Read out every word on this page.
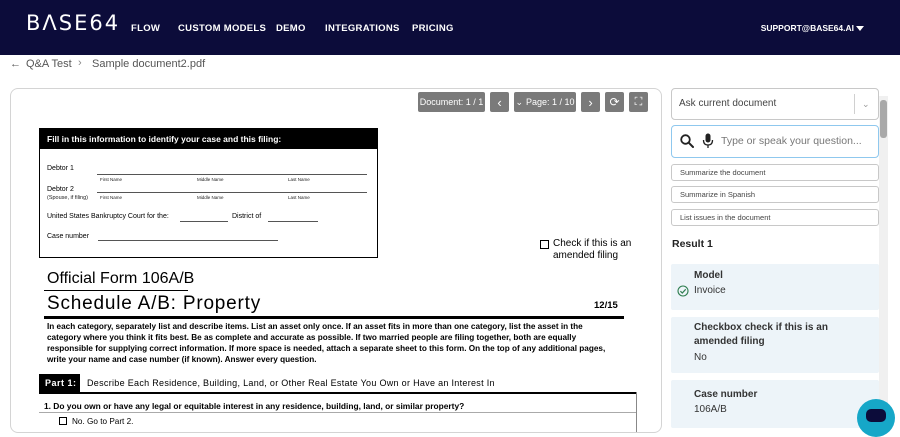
BΛSE64 FLOW CUSTOM MODELS DEMO INTEGRATIONS PRICING	SUPPORT@BASE64.AI
← Q&A Test › Sample document2.pdf
Document: 1 / 1	‹	⌄ Page: 1 / 10	›	⟳	⛶
Fill in this information to identify your case and this filing:
Debtor 1
First Name	Middle Name	Last Name
Debtor 2
(Spouse, if filing)	First Name	Middle Name	Last Name
United States Bankruptcy Court for the:	District of
Case number
Check if this is an
amended filing
Official Form 106A/B
Schedule A/B: Property	12/15
In each category, separately list and describe items. List an asset only once. If an asset fits in more than one category, list the asset in the
category where you think it fits best. Be as complete and accurate as possible. If two married people are filing together, both are equally
responsible for supplying correct information. If more space is needed, attach a separate sheet to this form. On the top of any additional pages,
write your name and case number (if known). Answer every question.
Part 1: Describe Each Residence, Building, Land, or Other Real Estate You Own or Have an Interest In
1. Do you own or have any legal or equitable interest in any residence, building, land, or similar property?
No. Go to Part 2.
Ask current document	⌄
Type or speak your question...
Summarize the document
Summarize in Spanish
List issues in the document
Result 1
Model
Invoice
Checkbox check if this is an amended filing
No
Case number
106A/B
